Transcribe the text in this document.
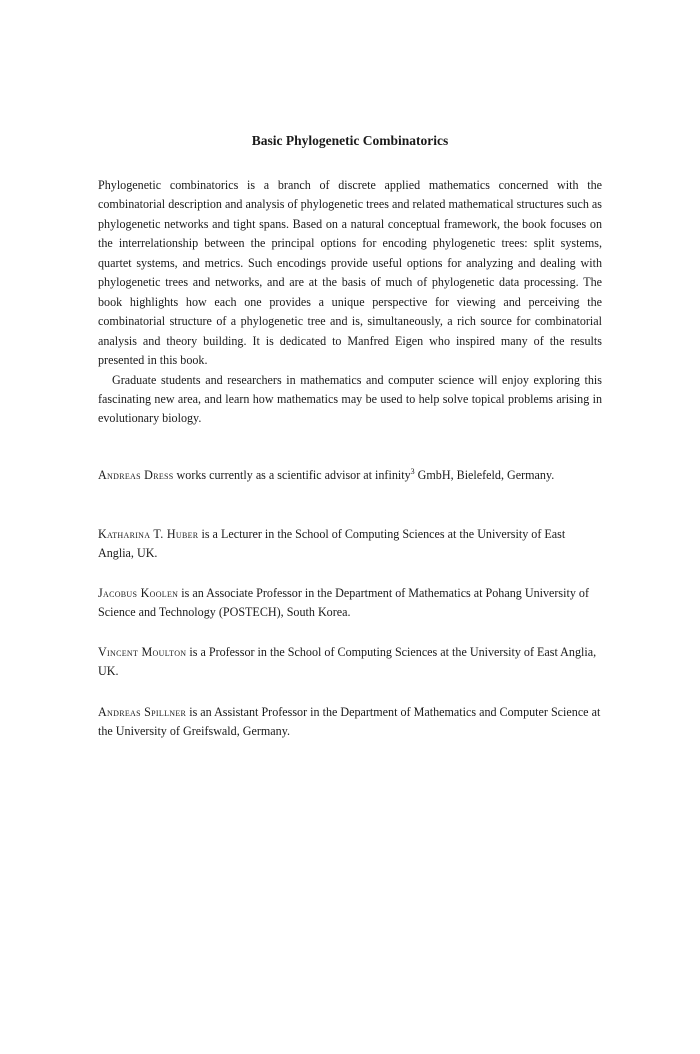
Basic Phylogenetic Combinatorics

Phylogenetic combinatorics is a branch of discrete applied mathematics concerned with the combinatorial description and analysis of phylogenetic trees and related mathematical structures such as phylogenetic networks and tight spans. Based on a natural conceptual framework, the book focuses on the interrelationship between the principal options for encoding phylogenetic trees: split systems, quartet systems, and metrics. Such encodings provide useful options for analyzing and dealing with phylogenetic trees and networks, and are at the basis of much of phylogenetic data processing. The book highlights how each one provides a unique perspective for viewing and perceiving the combinatorial structure of a phylogenetic tree and is, simultaneously, a rich source for combinatorial analysis and theory building. It is dedicated to Manfred Eigen who inspired many of the results presented in this book.

Graduate students and researchers in mathematics and computer science will enjoy exploring this fascinating new area, and learn how mathematics may be used to help solve topical problems arising in evolutionary biology.

Andreas Dress works currently as a scientific advisor at infinity$^3$ GmbH, Bielefeld, Germany.

Katharina T. Huber is a Lecturer in the School of Computing Sciences at the University of East Anglia, UK.

Jacobus Koolen is an Associate Professor in the Department of Mathematics at Pohang University of Science and Technology (POSTECH), South Korea.

Vincent Moulton is a Professor in the School of Computing Sciences at the University of East Anglia, UK.

Andreas Spillner is an Assistant Professor in the Department of Mathematics and Computer Science at the University of Greifswald, Germany.
